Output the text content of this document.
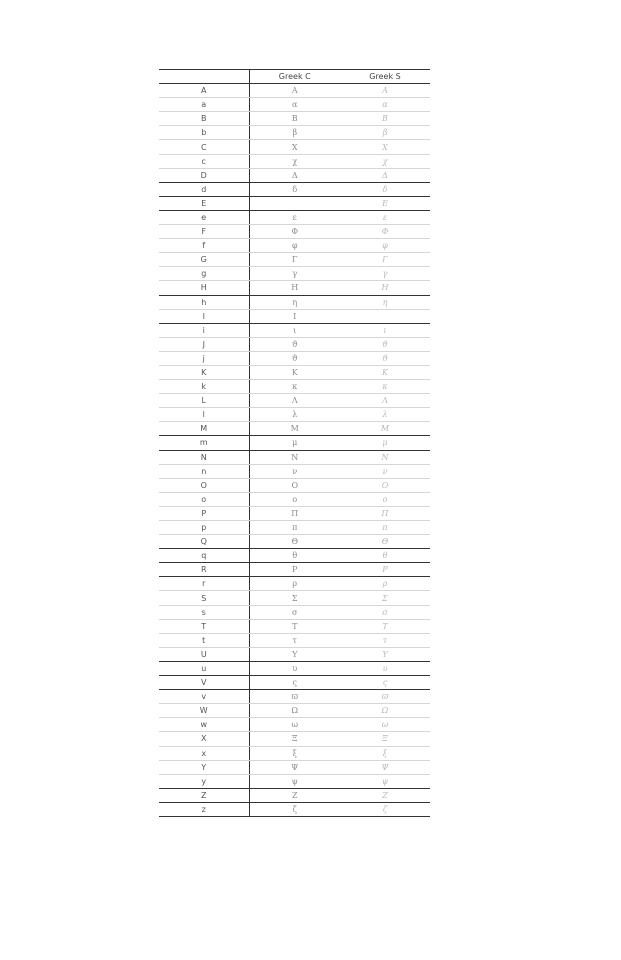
	Greek C	Greek S
A	Α	Α
a	α	α
B	Β	Β
b	β	β
C	Χ	Χ
c	χ	χ
D	Δ	Δ
d	δ	δ
E		Ε
e	ε	ε
F	Φ	Φ
f	φ	φ
G	Γ	Γ
g	γ	γ
H	Η	Η
h	η	η
I	Ι	
i	ι	ι
J	ϑ	ϑ
j	ϑ	ϑ
K	Κ	Κ
k	κ	κ
L	Λ	Λ
l	λ	λ
M	Μ	Μ
m	μ	μ
N	Ν	Ν
n	ν	ν
O	Ο	Ο
o	ο	ο
P	Π	Π
p	π	π
Q	Θ	Θ
q	θ	θ
R	Ρ	Ρ
r	ρ	ρ
S	Σ	Σ
s	σ	σ
T	Τ	Τ
t	τ	τ
U	Υ	Υ
u	υ	υ
V	ς	ς
v	ϖ	ϖ
W	Ω	Ω
w	ω	ω
X	Ξ	Ξ
x	ξ	ξ
Y	Ψ	Ψ
y	ψ	ψ
Z	Ζ	Ζ
z	ζ	ζ
